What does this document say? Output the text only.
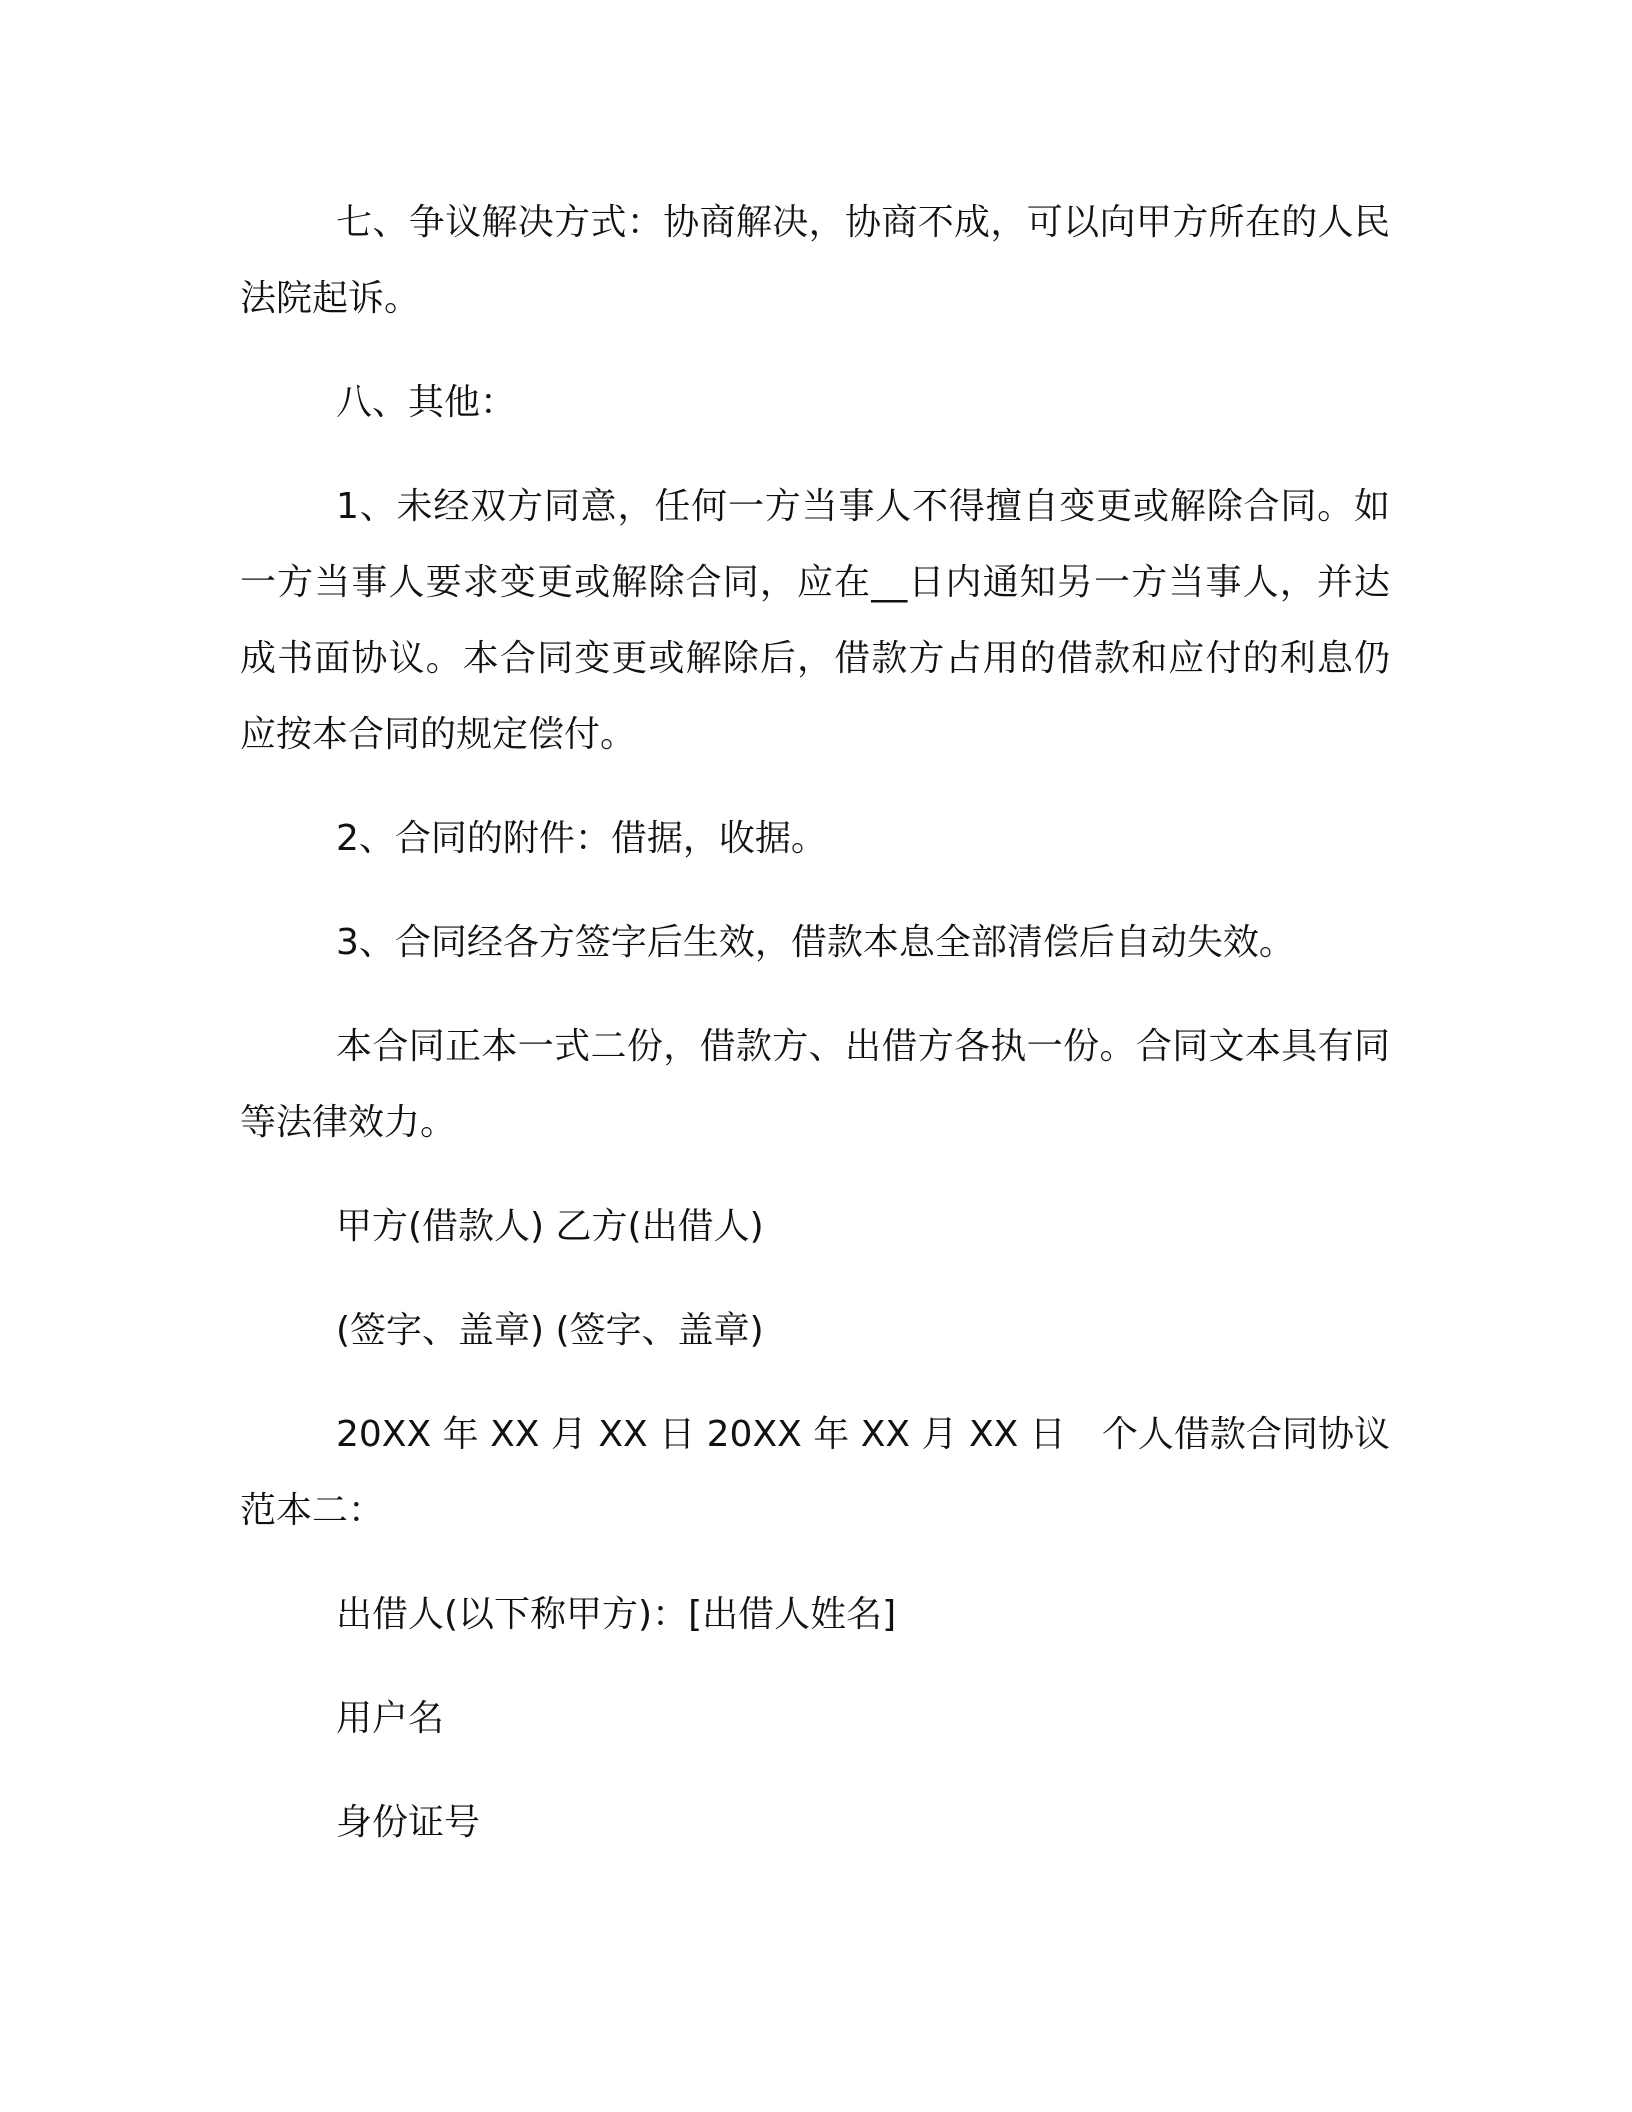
七、争议解决方式：协商解决，协商不成，可以向甲方所在的人民法院起诉。

八、其他：

1、未经双方同意，任何一方当事人不得擅自变更或解除合同。如一方当事人要求变更或解除合同，应在__日内通知另一方当事人，并达成书面协议。本合同变更或解除后，借款方占用的借款和应付的利息仍应按本合同的规定偿付。

2、合同的附件：借据，收据。

3、合同经各方签字后生效，借款本息全部清偿后自动失效。

本合同正本一式二份，借款方、出借方各执一份。合同文本具有同等法律效力。

甲方(借款人) 乙方(出借人)

(签字、盖章) (签字、盖章)

20XX 年 XX 月 XX 日 20XX 年 XX 月 XX 日　个人借款合同协议范本二：

出借人(以下称甲方)：[出借人姓名]

用户名

身份证号
